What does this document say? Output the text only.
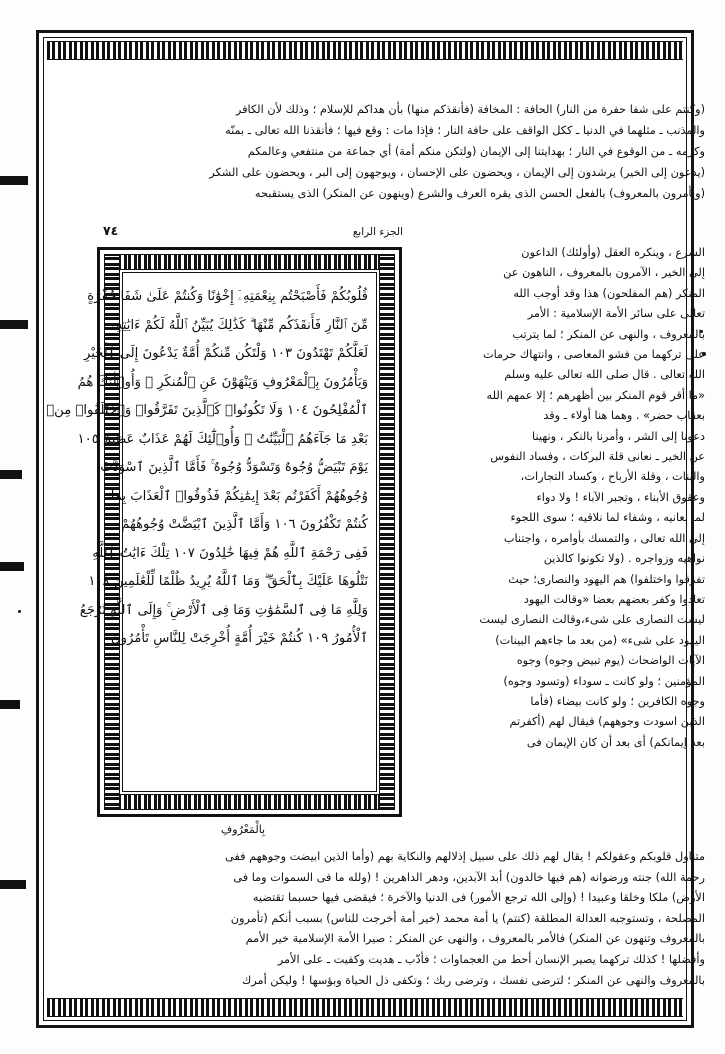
(وكنتم على شفا حفرة من النار) الحافة : المخافة (فأنقذكم منها) بأن هداكم للإسلام ؛ وذلك لأن الكافر
والمذنب ـ مثلهما في الدنيا ـ ككل الواقف على حافة النار ؛ فإذا مات : وقع فيها ؛ فأنقذنا الله تعالى ـ بمنّه
وكرمه ـ من الوقوع في النار ؛ بهدايتنا إلى الإيمان (ولتكن منكم أمة) أي جماعة من منتفعي وعالمكم
(يدعون إلى الخير) يرشدون إلى الإيمان ، ويحضون على الإحسان ، ويوجهون إلى البر ، ويحضون على الشكر
(ويأمرون بالمعروف) بالفعل الحسن الذى يقره العرف والشرع (وينهون عن المنكر) الذى يستقبحه
الجزء الرابع
٧٤
قُلُوبُكُمْ فَأَصْبَحْتُم بِنِعْمَتِهِۦٓ إِخْوَٰنًا وَكُنتُمْ عَلَىٰ شَفَا حُفْرَةٍ
مِّنَ ٱلنَّارِ فَأَنقَذَكُم مِّنْهَا ۗ كَذَٰلِكَ يُبَيِّنُ ٱللَّهُ لَكُمْ ءَايَٰتِهِۦ
لَعَلَّكُمْ تَهْتَدُونَ ١٠٣ وَلْتَكُن مِّنكُمْ أُمَّةٌ يَدْعُونَ إِلَى ٱلْخَيْرِ
وَيَأْمُرُونَ بِٱلْمَعْرُوفِ وَيَنْهَوْنَ عَنِ ٱلْمُنكَرِ ۚ وَأُو۟لَٰٓئِكَ هُمُ
ٱلْمُفْلِحُونَ ١٠٤ وَلَا تَكُونُوا۟ كَٱلَّذِينَ تَفَرَّقُوا۟ وَٱخْتَلَفُوا۟ مِنۢ
بَعْدِ مَا جَآءَهُمُ ٱلْبَيِّنَٰتُ ۚ وَأُو۟لَٰٓئِكَ لَهُمْ عَذَابٌ عَظِيمٌ ١٠٥
يَوْمَ تَبْيَضُّ وُجُوهٌ وَتَسْوَدُّ وُجُوهٌ ۚ فَأَمَّا ٱلَّذِينَ ٱسْوَدَّتْ
وُجُوهُهُمْ أَكَفَرْتُم بَعْدَ إِيمَٰنِكُمْ فَذُوقُوا۟ ٱلْعَذَابَ بِمَا
كُنتُمْ تَكْفُرُونَ ١٠٦ وَأَمَّا ٱلَّذِينَ ٱبْيَضَّتْ وُجُوهُهُمْ
فَفِى رَحْمَةِ ٱللَّهِ هُمْ فِيهَا خَٰلِدُونَ ١٠٧ تِلْكَ ءَايَٰتُ ٱللَّهِ
نَتْلُوهَا عَلَيْكَ بِٱلْحَقِّ ۗ وَمَا ٱللَّهُ يُرِيدُ ظُلْمًا لِّلْعَٰلَمِينَ ١٠٨
وَلِلَّهِ مَا فِى ٱلسَّمَٰوَٰتِ وَمَا فِى ٱلْأَرْضِ ۚ وَإِلَى ٱللَّهِ تُرْجَعُ
ٱلْأُمُورُ ١٠٩ كُنتُمْ خَيْرَ أُمَّةٍ أُخْرِجَتْ لِلنَّاسِ تَأْمُرُونَ
بِالْمَعْرُوفِ
الشرع ، وينكره العقل (وأولئك) الداعون
إلى الخير ، الآمرون بالمعروف ، الناهون عن
المنكر (هم المفلحون) هذا وقد أوجب الله
تعالى على سائر الأمة الإسلامية : الأمر
بالمعروف ، والنهى عن المنكر ؛ لما يترتب
على تركهما من فشو المعاصى ، وانتهاك حرمات
الله تعالى . قال صلى الله تعالى عليه وسلم
«ما أقر قوم المنكر بين أظهرهم ؛ إلا عمهم الله
بعقاب حضر» . وهما هنا أولاء ـ وقد
دعونا إلى الشر ، وأمرنا بالنكر ، ونهينا
عن الخير ـ نعانى قلة البركات ، وفساد النفوس
والبنات ، وقلة الأرباح ، وكساد التجارات،
وعقوق الأبناء ، وتجبر الآباء ! ولا دواء
لما نعانيه ، وشفاء لما نلاقيه ؛ سوى اللجوء
إلى الله تعالى ، والتمسك بأوامره ، واجتناب
نواهيه وزواجره . (ولا تكونوا كالذين
تفرقوا واختلفوا) هم اليهود والنصارى؛ حيث
تعادوا وكفر بعضهم بعضا «وقالت اليهود
ليست النصارى على شىء،وقالت النصارى ليست
اليهود على شىء» (من بعد ما جاءهم البينات)
الآيات الواضحات (يوم تبيض وجوه) وجوه
المؤمنين ؛ ولو كانت ـ سوداء (وتسود وجوه)
وجوه الكافرين ؛ ولو كانت بيضاء (فأما
الذين اسودت وجوههم) فيقال لهم (أكفرتم
بعد إيمانكم) أى بعد أن كان الإيمان فى
متناول قلوبكم وعقولكم ! يقال لهم ذلك على سبيل إذلالهم والنكاية بهم (وأما الذين ابيضت وجوههم ففى
رحمة الله) جنته ورضوانه (هم فيها خالدون) أبد الآبدين، ودهر الداهرين ! (ولله ما فى السموات وما فى
الأرض) ملكا وخلقا وعبيدا ! (وإلى الله ترجع الأمور) فى الدنيا والآخرة ؛ فيقضى فيها حسبما تقتضيه
المصلحة ، وتستوجبه العدالة المطلقة (كنتم) يا أمة محمد (خير أمة أخرجت للناس) بسبب أنكم (تأمرون
بالمعروف وتنهون عن المنكر) فالأمر بالمعروف ، والنهى عن المنكر : صيرا الأمة الإسلامية خير الأمم
وأفضلها ! كذلك تركهما يصير الإنسان أحط من العجماوات ؛ فأدّب ـ هديت وكفيت ـ على الأمر
بالمعروف والنهى عن المنكر ؛ لترضى نفسك ، وترضى ربك ؛ وتكفى ذل الحياة وبؤسها ! وليكن أمرك
